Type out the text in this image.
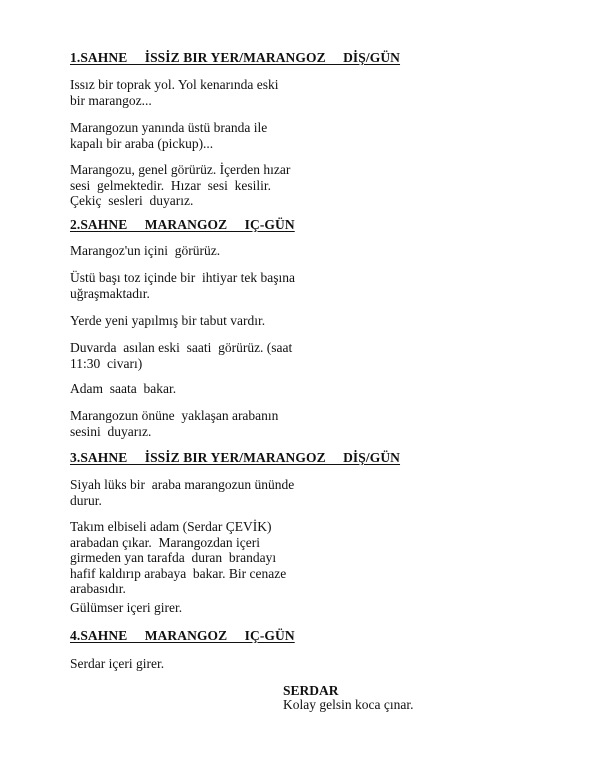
1.SAHNE     İSSİZ BIR YER/MARANGOZ     DİŞ/GÜN
Issız bir toprak yol. Yol kenarında eski
bir marangoz...
Marangozun yanında üstü branda ile
kapalı bir araba (pickup)...
Marangozu, genel görürüz. İçerden hızar
sesi  gelmektedir.  Hızar  sesi  kesilir.
Çekiç  sesleri  duyarız.
2.SAHNE     MARANGOZ     IÇ-GÜN
Marangoz'un içini  görürüz.
Üstü başı toz içinde bir  ihtiyar tek başına
uğraşmaktadır.
Yerde yeni yapılmış bir tabut vardır.
Duvarda  asılan eski  saati  görürüz. (saat
11:30  civarı)
Adam  saata  bakar.
Marangozun önüne  yaklaşan arabanın
sesini  duyarız.
3.SAHNE     İSSİZ BIR YER/MARANGOZ     DİŞ/GÜN
Siyah lüks bir  araba marangozun ününde
durur.
Takım elbiseli adam (Serdar ÇEVİK)
arabadan çıkar.  Marangozdan içeri
girmeden yan tarafda  duran  brandayı
hafif kaldırıp arabaya  bakar. Bir cenaze
arabasıdır.
Gülümser içeri girer.
4.SAHNE     MARANGOZ     IÇ-GÜN
Serdar içeri girer.
SERDAR
Kolay gelsin koca çınar.
